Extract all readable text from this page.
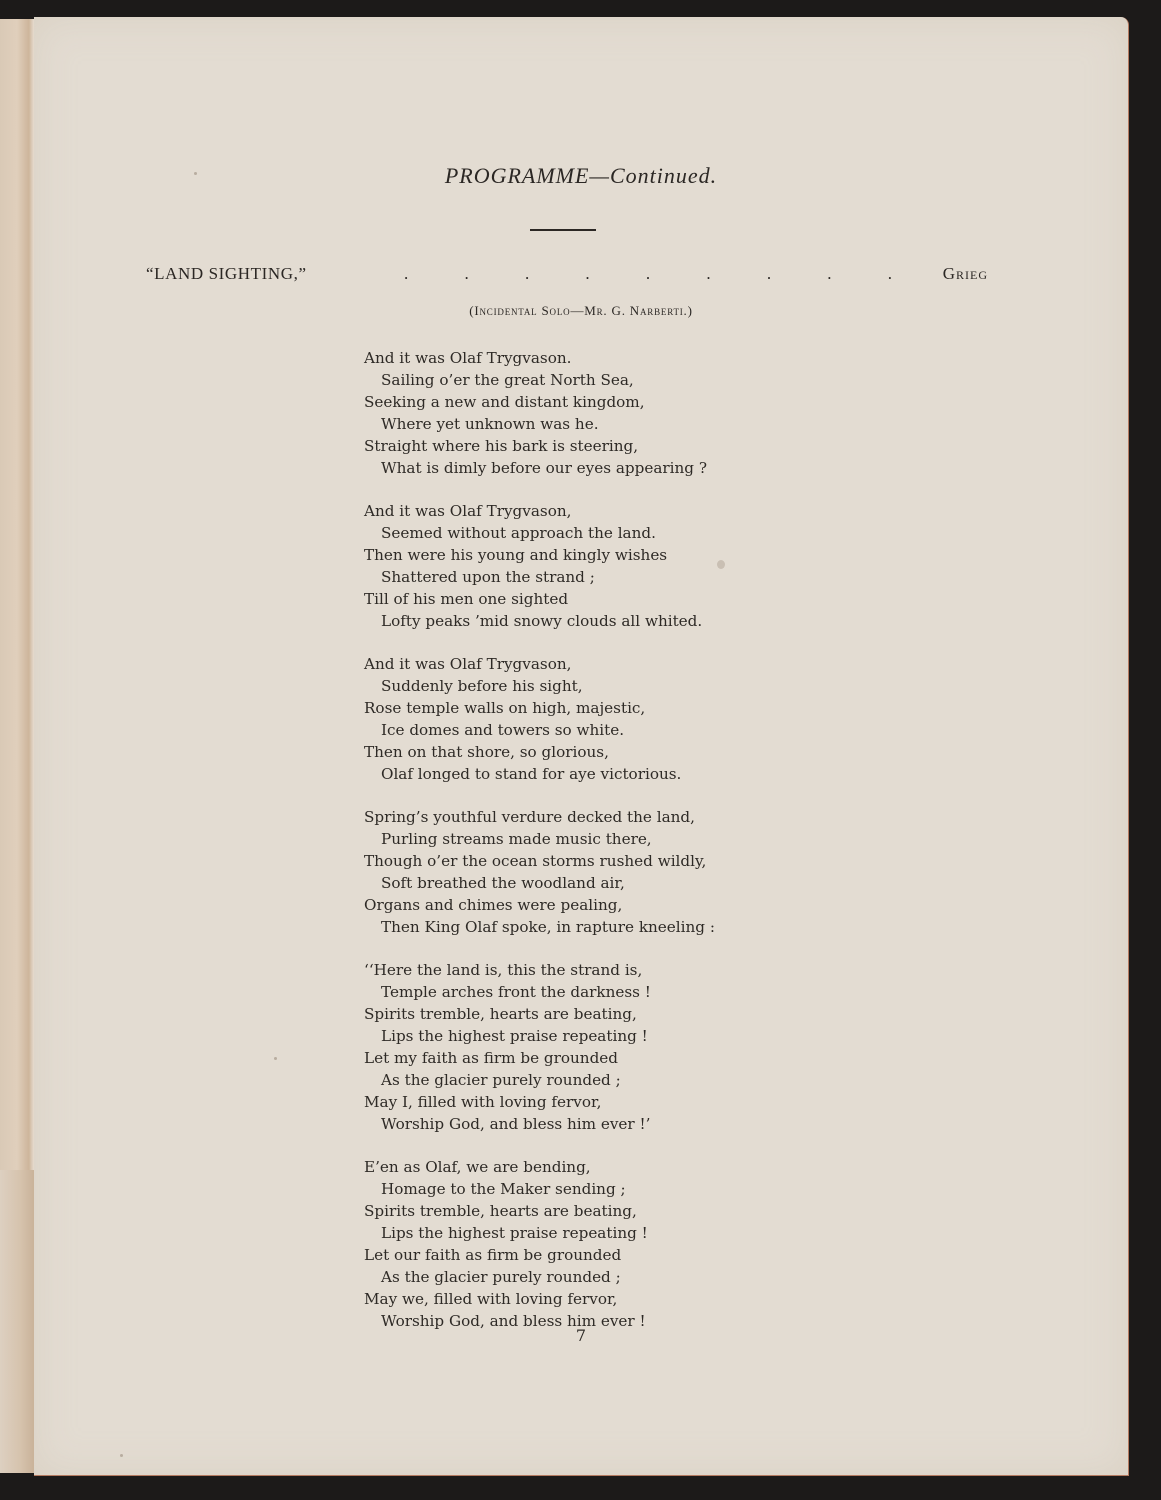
PROGRAMME—Continued.
“LAND SIGHTING,”	.	.	.	.	.	.	.	.	.	Grieg
(Incidental Solo—Mr. G. Narberti.)
And it was Olaf Trygvason.
Sailing o’er the great North Sea,
Seeking a new and distant kingdom,
Where yet unknown was he.
Straight where his bark is steering,
What is dimly before our eyes appearing ?
And it was Olaf Trygvason,
Seemed without approach the land.
Then were his young and kingly wishes
Shattered upon the strand ;
Till of his men one sighted
Lofty peaks ’mid snowy clouds all whited.
And it was Olaf Trygvason,
Suddenly before his sight,
Rose temple walls on high, majestic,
Ice domes and towers so white.
Then on that shore, so glorious,
Olaf longed to stand for aye victorious.
Spring’s youthful verdure decked the land,
Purling streams made music there,
Though o’er the ocean storms rushed wildly,
Soft breathed the woodland air,
Organs and chimes were pealing,
Then King Olaf spoke, in rapture kneeling :
‘‘Here the land is, this the strand is,
Temple arches front the darkness !
Spirits tremble, hearts are beating,
Lips the highest praise repeating !
Let my faith as firm be grounded
As the glacier purely rounded ;
May I, filled with loving fervor,
Worship God, and bless him ever !’
E’en as Olaf, we are bending,
Homage to the Maker sending ;
Spirits tremble, hearts are beating,
Lips the highest praise repeating !
Let our faith as firm be grounded
As the glacier purely rounded ;
May we, filled with loving fervor,
Worship God, and bless him ever !
7
